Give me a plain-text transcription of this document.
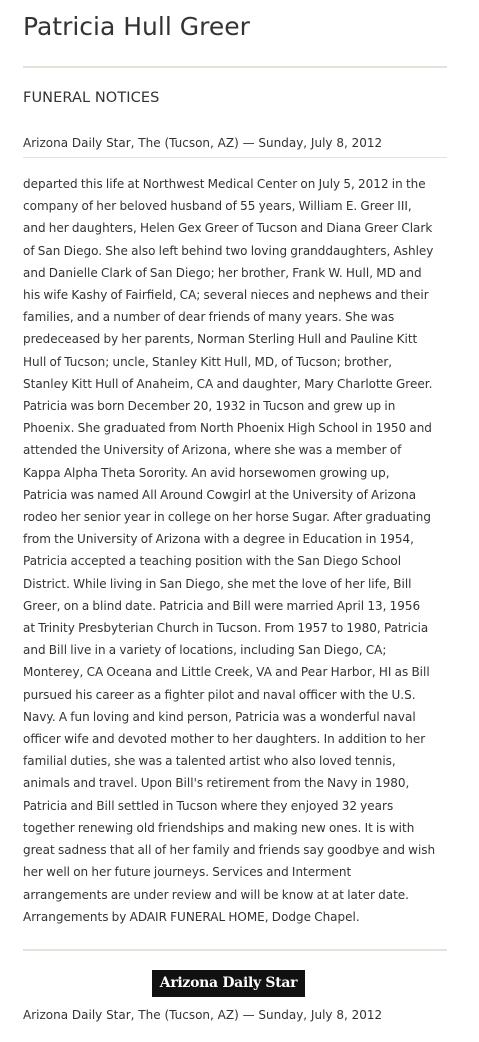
Patricia Hull Greer
FUNERAL NOTICES
Arizona Daily Star, The (Tucson, AZ) — Sunday, July 8, 2012
departed this life at Northwest Medical Center on July 5, 2012 in the
company of her beloved husband of 55 years, William E. Greer III,
and her daughters, Helen Gex Greer of Tucson and Diana Greer Clark
of San Diego. She also left behind two loving granddaughters, Ashley
and Danielle Clark of San Diego; her brother, Frank W. Hull, MD and
his wife Kashy of Fairfield, CA; several nieces and nephews and their
families, and a number of dear friends of many years. She was
predeceased by her parents, Norman Sterling Hull and Pauline Kitt
Hull of Tucson; uncle, Stanley Kitt Hull, MD, of Tucson; brother,
Stanley Kitt Hull of Anaheim, CA and daughter, Mary Charlotte Greer.
Patricia was born December 20, 1932 in Tucson and grew up in
Phoenix. She graduated from North Phoenix High School in 1950 and
attended the University of Arizona, where she was a member of
Kappa Alpha Theta Sorority. An avid horsewomen growing up,
Patricia was named All Around Cowgirl at the University of Arizona
rodeo her senior year in college on her horse Sugar. After graduating
from the University of Arizona with a degree in Education in 1954,
Patricia accepted a teaching position with the San Diego School
District. While living in San Diego, she met the love of her life, Bill
Greer, on a blind date. Patricia and Bill were married April 13, 1956
at Trinity Presbyterian Church in Tucson. From 1957 to 1980, Patricia
and Bill live in a variety of locations, including San Diego, CA;
Monterey, CA Oceana and Little Creek, VA and Pear Harbor, HI as Bill
pursued his career as a fighter pilot and naval officer with the U.S.
Navy. A fun loving and kind person, Patricia was a wonderful naval
officer wife and devoted mother to her daughters. In addition to her
familial duties, she was a talented artist who also loved tennis,
animals and travel. Upon Bill's retirement from the Navy in 1980,
Patricia and Bill settled in Tucson where they enjoyed 32 years
together renewing old friendships and making new ones. It is with
great sadness that all of her family and friends say goodbye and wish
her well on her future journeys. Services and Interment
arrangements are under review and will be know at at later date.
Arrangements by ADAIR FUNERAL HOME, Dodge Chapel.
Arizona Daily Star
Arizona Daily Star, The (Tucson, AZ) — Sunday, July 8, 2012
